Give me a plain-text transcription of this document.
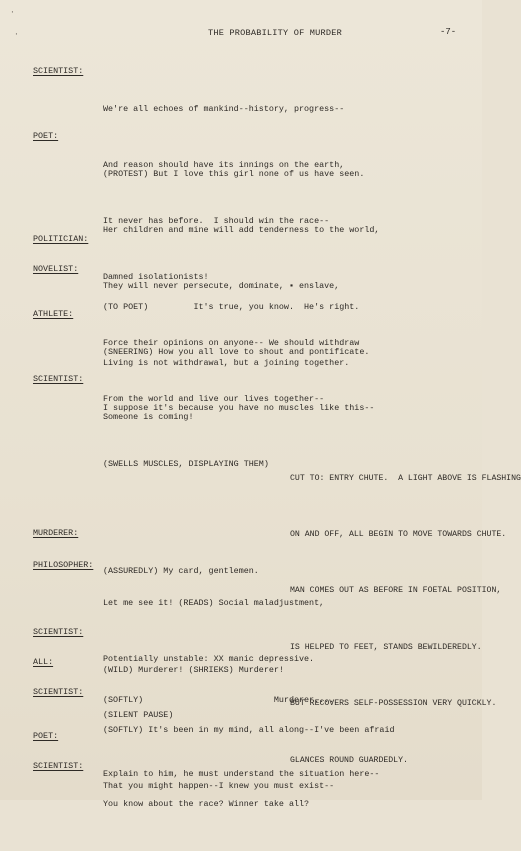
·
·	THE PROBABILITY OF MURDER	-7-
SCIENTIST:

We're all echoes of mankind--history, progress--

And reason should have its innings on the earth,

It never has before.  I should win the race--

POET:

(PROTEST) But I love this girl none of us have seen.

Her children and mine will add tenderness to the world,

They will never persecute, dominate, ▪ enslave,

Force their opinions on anyone-- We should withdraw

From the world and live our lives together--

POLITICIAN:

Damned isolationists!

NOVELIST:

(TO POET)         It's true, you know.  He's right.

Living is not withdrawal, but a joining together.

ATHLETE:

(SNEERING) How you all love to shout and pontificate.

I suppose it's because you have no muscles like this--

(SWELLS MUSCLES, DISPLAYING THEM)

SCIENTIST:

Someone is coming!

CUT TO: ENTRY CHUTE.  A LIGHT ABOVE IS FLASHING

ON AND OFF, ALL BEGIN TO MOVE TOWARDS CHUTE.

MAN COMES OUT AS BEFORE IN FOETAL POSITION,

IS HELPED TO FEET, STANDS BEWILDEREDLY.

BUT RECOVERS SELF-POSSESSION VERY QUICKLY.

GLANCES ROUND GUARDEDLY.

MURDERER:

(ASSUREDLY) My card, gentlemen.

PHILOSOPHER:

Let me see it! (READS) Social maladjustment,

Potentially unstable: XX manic depressive.

(SILENT PAUSE)

SCIENTIST:

(WILD) Murderer! (SHRIEKS) Murderer!

ALL:

(SOFTLY)                          Murderer....

SCIENTIST:

(SOFTLY) It's been in my mind, all along--I've been afraid

That you might happen--I knew you must exist--

POET:

Explain to him, he must understand the situation here--

SCIENTIST:

You know about the race? Winner take all?
